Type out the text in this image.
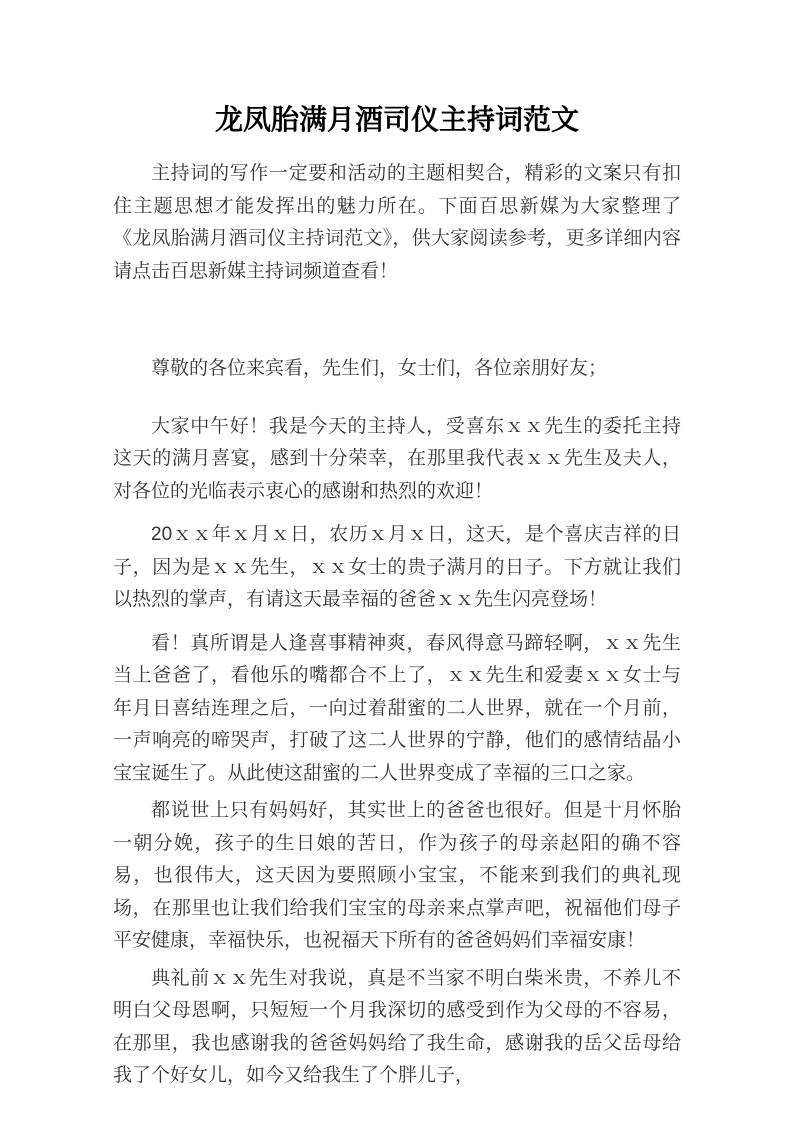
龙凤胎满月酒司仪主持词范文

主持词的写作一定要和活动的主题相契合，精彩的文案只有扣住主题思想才能发挥出的魅力所在。下面百思新媒为大家整理了《龙凤胎满月酒司仪主持词范文》，供大家阅读参考，更多详细内容请点击百思新媒主持词频道查看！

尊敬的各位来宾看，先生们，女士们，各位亲朋好友；

大家中午好！我是今天的主持人，受喜东ｘｘ先生的委托主持这天的满月喜宴，感到十分荣幸，在那里我代表ｘｘ先生及夫人，对各位的光临表示衷心的感谢和热烈的欢迎！

20ｘｘ年ｘ月ｘ日，农历ｘ月ｘ日，这天，是个喜庆吉祥的日子，因为是ｘｘ先生，ｘｘ女士的贵子满月的日子。下方就让我们以热烈的掌声，有请这天最幸福的爸爸ｘｘ先生闪亮登场！

看！真所谓是人逢喜事精神爽，春风得意马蹄轻啊，ｘｘ先生当上爸爸了，看他乐的嘴都合不上了，ｘｘ先生和爱妻ｘｘ女士与年月日喜结连理之后，一向过着甜蜜的二人世界，就在一个月前，一声响亮的啼哭声，打破了这二人世界的宁静，他们的感情结晶小宝宝诞生了。从此使这甜蜜的二人世界变成了幸福的三口之家。

都说世上只有妈妈好，其实世上的爸爸也很好。但是十月怀胎一朝分娩，孩子的生日娘的苦日，作为孩子的母亲赵阳的确不容易，也很伟大，这天因为要照顾小宝宝，不能来到我们的典礼现场，在那里也让我们给我们宝宝的母亲来点掌声吧，祝福他们母子平安健康，幸福快乐，也祝福天下所有的爸爸妈妈们幸福安康！

典礼前ｘｘ先生对我说，真是不当家不明白柴米贵，不养儿不明白父母恩啊，只短短一个月我深切的感受到作为父母的不容易，在那里，我也感谢我的爸爸妈妈给了我生命，感谢我的岳父岳母给我了个好女儿，如今又给我生了个胖儿子，
